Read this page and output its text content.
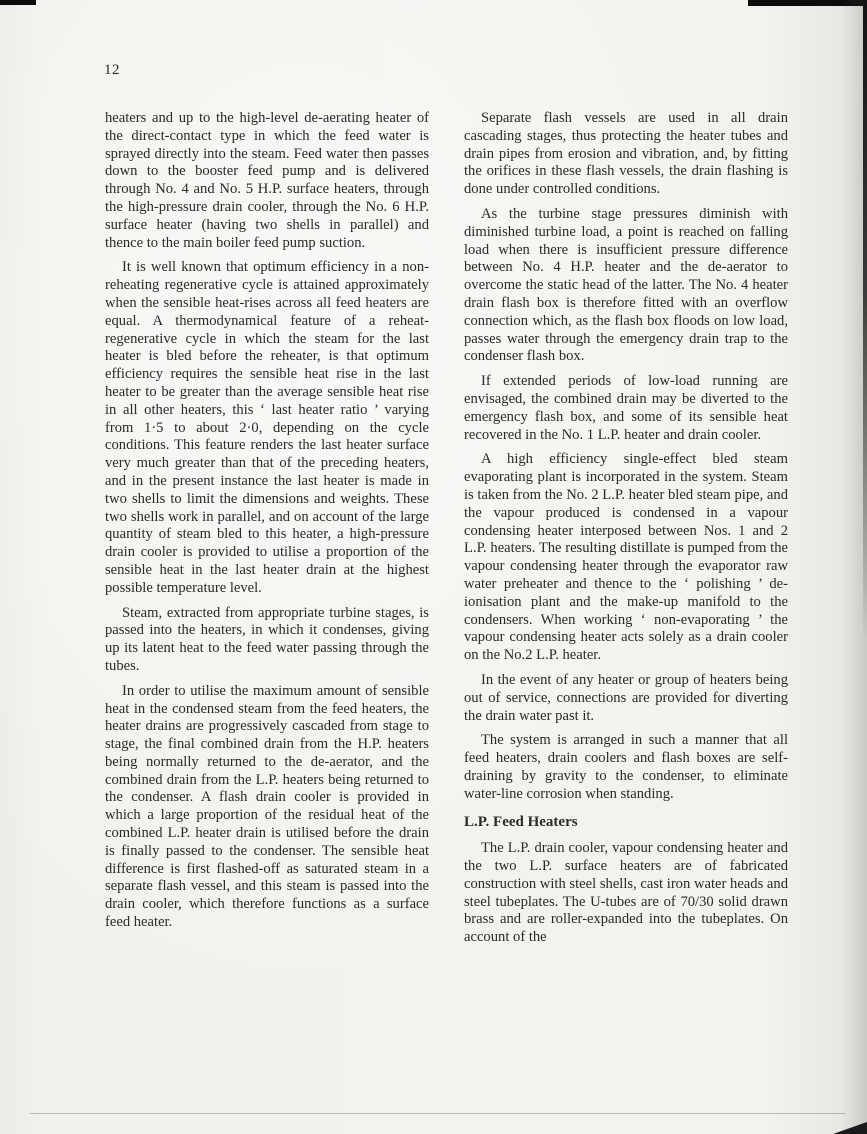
12

heaters and up to the high-level de-aerating heater of the direct-contact type in which the feed water is sprayed directly into the steam. Feed water then passes down to the booster feed pump and is delivered through No. 4 and No. 5 H.P. surface heaters, through the high-pressure drain cooler, through the No. 6 H.P. surface heater (having two shells in parallel) and thence to the main boiler feed pump suction.

It is well known that optimum efficiency in a non-reheating regenerative cycle is attained approximately when the sensible heat-rises across all feed heaters are equal. A thermodynamical feature of a reheat-regenerative cycle in which the steam for the last heater is bled before the reheater, is that optimum efficiency requires the sensible heat rise in the last heater to be greater than the average sensible heat rise in all other heaters, this ‘ last heater ratio ’ varying from 1·5 to about 2·0, depending on the cycle conditions. This feature renders the last heater surface very much greater than that of the preceding heaters, and in the present instance the last heater is made in two shells to limit the dimensions and weights. These two shells work in parallel, and on account of the large quantity of steam bled to this heater, a high-pressure drain cooler is provided to utilise a proportion of the sensible heat in the last heater drain at the highest possible temperature level.

Steam, extracted from appropriate turbine stages, is passed into the heaters, in which it condenses, giving up its latent heat to the feed water passing through the tubes.

In order to utilise the maximum amount of sensible heat in the condensed steam from the feed heaters, the heater drains are progressively cascaded from stage to stage, the final combined drain from the H.P. heaters being normally returned to the de-aerator, and the combined drain from the L.P. heaters being returned to the condenser. A flash drain cooler is provided in which a large proportion of the residual heat of the combined L.P. heater drain is utilised before the drain is finally passed to the condenser. The sensible heat difference is first flashed-off as saturated steam in a separate flash vessel, and this steam is passed into the drain cooler, which therefore functions as a surface feed heater.

Separate flash vessels are used in all drain cascading stages, thus protecting the heater tubes and drain pipes from erosion and vibration, and, by fitting the orifices in these flash vessels, the drain flashing is done under controlled conditions.

As the turbine stage pressures diminish with diminished turbine load, a point is reached on falling load when there is insufficient pressure difference between No. 4 H.P. heater and the de-aerator to overcome the static head of the latter. The No. 4 heater drain flash box is therefore fitted with an overflow connection which, as the flash box floods on low load, passes water through the emergency drain trap to the condenser flash box.

If extended periods of low-load running are envisaged, the combined drain may be diverted to the emergency flash box, and some of its sensible heat recovered in the No. 1 L.P. heater and drain cooler.

A high efficiency single-effect bled steam evaporating plant is incorporated in the system. Steam is taken from the No. 2 L.P. heater bled steam pipe, and the vapour produced is condensed in a vapour condensing heater interposed between Nos. 1 and 2 L.P. heaters. The resulting distillate is pumped from the vapour condensing heater through the evaporator raw water preheater and thence to the ‘ polishing ’ de-ionisation plant and the make-up manifold to the condensers. When working ‘ non-evaporating ’ the vapour condensing heater acts solely as a drain cooler on the No.2 L.P. heater.

In the event of any heater or group of heaters being out of service, connections are provided for diverting the drain water past it.

The system is arranged in such a manner that all feed heaters, drain coolers and flash boxes are self-draining by gravity to the condenser, to eliminate water-line corrosion when standing.

L.P. Feed Heaters

The L.P. drain cooler, vapour condensing heater and the two L.P. surface heaters are of fabricated construction with steel shells, cast iron water heads and steel tubeplates. The U-tubes are of 70/30 solid drawn brass and are roller-expanded into the tubeplates. On account of the
